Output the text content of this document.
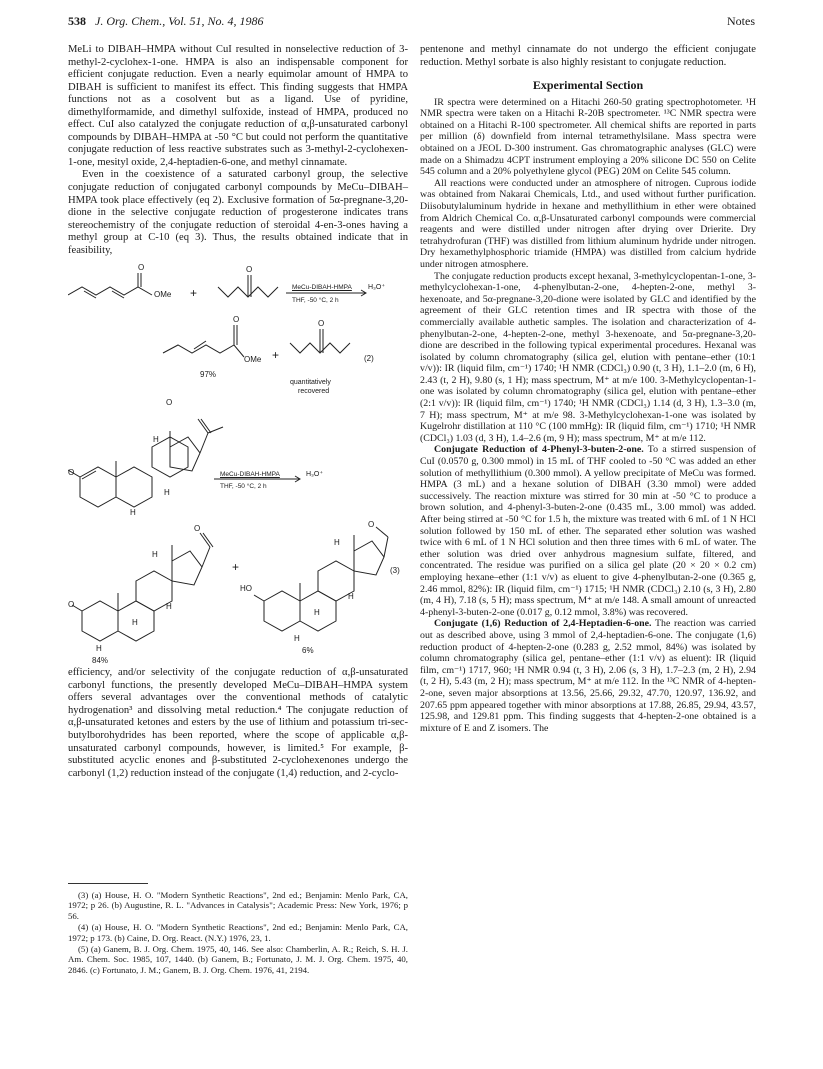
538 J. Org. Chem., Vol. 51, No. 4, 1986	Notes

MeLi to DIBAH–HMPA without CuI resulted in nonselective reduction of 3-methyl-2-cyclohex-1-one. HMPA is also an indispensable component for efficient conjugate reduction. Even a nearly equimolar amount of HMPA to DIBAH is sufficient to manifest its effect. This finding suggests that HMPA functions not as a cosolvent but as a ligand. Use of pyridine, dimethylformamide, and dimethyl sulfoxide, instead of HMPA, produced no effect. CuI also catalyzed the conjugate reduction of α,β-unsaturated carbonyl compounds by DIBAH–HMPA at -50 °C but could not perform the quantitative conjugate reduction of less reactive substrates such as 3-methyl-2-cyclohexen-1-one, mesityl oxide, 2,4-heptadien-6-one, and methyl cinnamate.

Even in the coexistence of a saturated carbonyl group, the selective conjugate reduction of conjugated carbonyl compounds by MeCu–DIBAH–HMPA took place effectively (eq 2). Exclusive formation of 5α-pregnane-3,20-dione in the selective conjugate reduction of progesterone indicates trans stereochemistry of the conjugate reduction of steroidal 4-en-3-ones having a methyl group at C-10 (eq 3). Thus, the results obtained indicate that in feasibility,

OMe
O
+
O
MeCu-DIBAH-HMPA
THF, -50 °C, 2 h
H₃O⁺
O
OMe +
O
(2)
97%
quantitatively
recovered
O
O
H
H
H
MeCu-DIBAH-HMPA
THF, -50 °C, 2 h
H₃O⁺
O
O
H
H
H
H
84%
+
HO
O
H
H
H
H
(3)
6%

efficiency, and/or selectivity of the conjugate reduction of α,β-unsaturated carbonyl functions, the presently developed MeCu–DIBAH–HMPA system offers several advantages over the conventional methods of catalytic hydrogenation³ and dissolving metal reduction.⁴ The conjugate reduction of α,β-unsaturated ketones and esters by the use of lithium and potassium tri-sec-butylborohydrides has been reported, where the scope of applicable α,β-unsaturated carbonyl compounds, however, is limited.⁵ For example, β-substituted acyclic enones and β-substituted 2-cyclohexenones undergo the carbonyl (1,2) reduction instead of the conjugate (1,4) reduction, and 2-cyclo-

(3) (a) House, H. O. "Modern Synthetic Reactions", 2nd ed.; Benjamin: Menlo Park, CA, 1972; p 26. (b) Augustine, R. L. "Advances in Catalysis"; Academic Press: New York, 1976; p 56.

(4) (a) House, H. O. "Modern Synthetic Reactions", 2nd ed.; Benjamin: Menlo Park, CA, 1972; p 173. (b) Caine, D. Org. React. (N.Y.) 1976, 23, 1.

(5) (a) Ganem, B. J. Org. Chem. 1975, 40, 146. See also: Chamberlin, A. R.; Reich, S. H. J. Am. Chem. Soc. 1985, 107, 1440. (b) Ganem, B.; Fortunato, J. M. J. Org. Chem. 1975, 40, 2846. (c) Fortunato, J. M.; Ganem, B. J. Org. Chem. 1976, 41, 2194.

pentenone and methyl cinnamate do not undergo the efficient conjugate reduction. Methyl sorbate is also highly resistant to conjugate reduction.

Experimental Section

IR spectra were determined on a Hitachi 260-50 grating spectrophotometer. ¹H NMR spectra were taken on a Hitachi R-20B spectrometer. ¹³C NMR spectra were obtained on a Hitachi R-100 spectrometer. All chemical shifts are reported in parts per million (δ) downfield from internal tetramethylsilane. Mass spectra were obtained on a JEOL D-300 instrument. Gas chromatographic analyses (GLC) were made on a Shimadzu 4CPT instrument employing a 20% silicone DC 550 on Celite 545 column and a 20% polyethylene glycol (PEG) 20M on Celite 545 column.

All reactions were conducted under an atmosphere of nitrogen. Cuprous iodide was obtained from Nakarai Chemicals, Ltd., and used without further purification. Diisobutylaluminum hydride in hexane and methyllithium in ether were obtained from Aldrich Chemical Co. α,β-Unsaturated carbonyl compounds were commercial reagents and were distilled under nitrogen after drying over Drierite. Dry tetrahydrofuran (THF) was distilled from lithium aluminum hydride under nitrogen. Dry hexamethylphosphoric triamide (HMPA) was distilled from calcium hydride under nitrogen atmosphere.

The conjugate reduction products except hexanal, 3-methylcyclopentan-1-one, 3-methylcyclohexan-1-one, 4-phenylbutan-2-one, 4-hepten-2-one, methyl 3-hexenoate, and 5α-pregnane-3,20-dione were isolated by GLC and identified by the agreement of their GLC retention times and IR spectra with those of the commercially available authetic samples. The isolation and characterization of 4-phenylbutan-2-one, 4-hepten-2-one, methyl 3-hexenoate, and 5α-pregnane-3,20-dione are described in the following typical experimental procedures. Hexanal was isolated by column chromatography (silica gel, elution with pentane–ether (10:1 v/v)): IR (liquid film, cm⁻¹) 1740; ¹H NMR (CDCl₃) 0.90 (t, 3 H), 1.1–2.0 (m, 6 H), 2.43 (t, 2 H), 9.80 (s, 1 H); mass spectrum, M⁺ at m/e 100. 3-Methylcyclopentan-1-one was isolated by column chromatography (silica gel, elution with pentane–ether (2:1 v/v)): IR (liquid film, cm⁻¹) 1740; ¹H NMR (CDCl₃) 1.14 (d, 3 H), 1.3–3.0 (m, 7 H); mass spectrum, M⁺ at m/e 98. 3-Methylcyclohexan-1-one was isolated by Kugelrohr distillation at 110 °C (100 mmHg): IR (liquid film, cm⁻¹) 1710; ¹H NMR (CDCl₃) 1.03 (d, 3 H), 1.4–2.6 (m, 9 H); mass spectrum, M⁺ at m/e 112.

Conjugate Reduction of 4-Phenyl-3-buten-2-one. To a stirred suspension of CuI (0.0570 g, 0.300 mmol) in 15 mL of THF cooled to -50 °C was added an ether solution of methyllithium (0.300 mmol). A yellow precipitate of MeCu was formed. HMPA (3 mL) and a hexane solution of DIBAH (3.30 mmol) were added successively. The reaction mixture was stirred for 30 min at -50 °C to produce a brown solution, and 4-phenyl-3-buten-2-one (0.435 mL, 3.00 mmol) was added. After being stirred at -50 °C for 1.5 h, the mixture was treated with 6 mL of 1 N HCl solution followed by 150 mL of ether. The separated ether solution was washed twice with 6 mL of 1 N HCl solution and then three times with 6 mL of water. The ether solution was dried over anhydrous magnesium sulfate, filtered, and concentrated. The residue was purified on a silica gel plate (20 × 20 × 0.2 cm) employing hexane–ether (1:1 v/v) as eluent to give 4-phenylbutan-2-one (0.365 g, 2.46 mmol, 82%): IR (liquid film, cm⁻¹) 1715; ¹H NMR (CDCl₃) 2.10 (s, 3 H), 2.80 (m, 4 H), 7.18 (s, 5 H); mass spectrum, M⁺ at m/e 148. A small amount of unreacted 4-phenyl-3-buten-2-one (0.017 g, 0.12 mmol, 3.8%) was recovered.

Conjugate (1,6) Reduction of 2,4-Heptadien-6-one. The reaction was carried out as described above, using 3 mmol of 2,4-heptadien-6-one. The conjugate (1,6) reduction product of 4-hepten-2-one (0.283 g, 2.52 mmol, 84%) was isolated by column chromatography (silica gel, pentane–ether (1:1 v/v) as eluent): IR (liquid film, cm⁻¹) 1717, 960; ¹H NMR 0.94 (t, 3 H), 2.06 (s, 3 H), 1.7–2.3 (m, 2 H), 2.94 (t, 2 H), 5.43 (m, 2 H); mass spectrum, M⁺ at m/e 112. In the ¹³C NMR of 4-hepten-2-one, seven major absorptions at 13.56, 25.66, 29.32, 47.70, 120.97, 136.92, and 207.65 ppm appeared together with minor absorptions at 17.88, 26.85, 29.94, 43.57, 125.98, and 129.81 ppm. This finding suggests that 4-hepten-2-one obtained is a mixture of E and Z isomers. The
